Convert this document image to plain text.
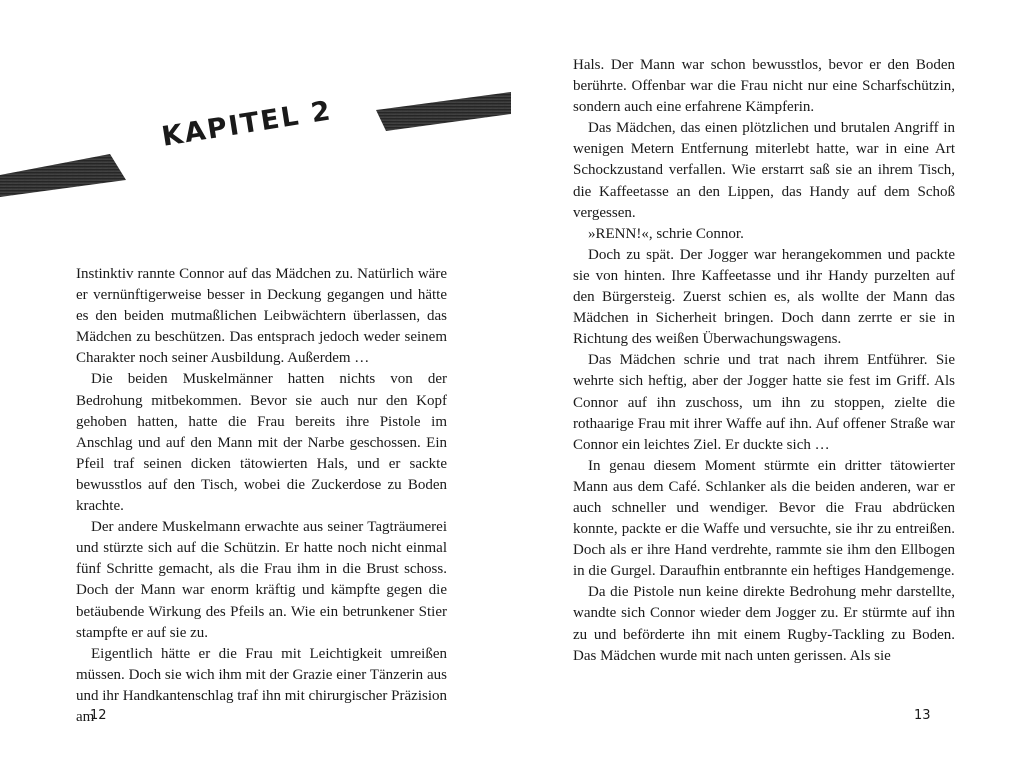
KAPITEL 2

Instinktiv rannte Connor auf das Mädchen zu. Natürlich wäre er vernünftigerweise besser in Deckung gegangen und hätte es den beiden mutmaßlichen Leibwächtern überlassen, das Mädchen zu beschützen. Das entsprach jedoch weder seinem Charakter noch seiner Ausbildung. Außerdem …

Die beiden Muskelmänner hatten nichts von der Bedrohung mitbekommen. Bevor sie auch nur den Kopf gehoben hatten, hatte die Frau bereits ihre Pistole im Anschlag und auf den Mann mit der Narbe geschossen. Ein Pfeil traf seinen dicken tätowierten Hals, und er sackte bewusstlos auf den Tisch, wobei die Zuckerdose zu Boden krachte.

Der andere Muskelmann erwachte aus seiner Tagträumerei und stürzte sich auf die Schützin. Er hatte noch nicht einmal fünf Schritte gemacht, als die Frau ihm in die Brust schoss. Doch der Mann war enorm kräftig und kämpfte gegen die betäubende Wirkung des Pfeils an. Wie ein betrunkener Stier stampfte er auf sie zu.

Eigentlich hätte er die Frau mit Leichtigkeit umreißen müssen. Doch sie wich ihm mit der Grazie einer Tänzerin aus und ihr Handkantenschlag traf ihn mit chirurgischer Präzision am

12

Hals. Der Mann war schon bewusstlos, bevor er den Boden berührte. Offenbar war die Frau nicht nur eine Scharfschützin, sondern auch eine erfahrene Kämpferin.

Das Mädchen, das einen plötzlichen und brutalen Angriff in wenigen Metern Entfernung miterlebt hatte, war in eine Art Schockzustand verfallen. Wie erstarrt saß sie an ihrem Tisch, die Kaffeetasse an den Lippen, das Handy auf dem Schoß vergessen.

»RENN!«, schrie Connor.

Doch zu spät. Der Jogger war herangekommen und packte sie von hinten. Ihre Kaffeetasse und ihr Handy purzelten auf den Bürgersteig. Zuerst schien es, als wollte der Mann das Mädchen in Sicherheit bringen. Doch dann zerrte er sie in Richtung des weißen Überwachungswagens.

Das Mädchen schrie und trat nach ihrem Entführer. Sie wehrte sich heftig, aber der Jogger hatte sie fest im Griff. Als Connor auf ihn zuschoss, um ihn zu stoppen, zielte die rothaarige Frau mit ihrer Waffe auf ihn. Auf offener Straße war Connor ein leichtes Ziel. Er duckte sich …

In genau diesem Moment stürmte ein dritter tätowierter Mann aus dem Café. Schlanker als die beiden anderen, war er auch schneller und wendiger. Bevor die Frau abdrücken konnte, packte er die Waffe und versuchte, sie ihr zu entreißen. Doch als er ihre Hand verdrehte, rammte sie ihm den Ellbogen in die Gurgel. Daraufhin entbrannte ein heftiges Handgemenge.

Da die Pistole nun keine direkte Bedrohung mehr darstellte, wandte sich Connor wieder dem Jogger zu. Er stürmte auf ihn zu und beförderte ihn mit einem Rugby-Tackling zu Boden. Das Mädchen wurde mit nach unten gerissen. Als sie

13
